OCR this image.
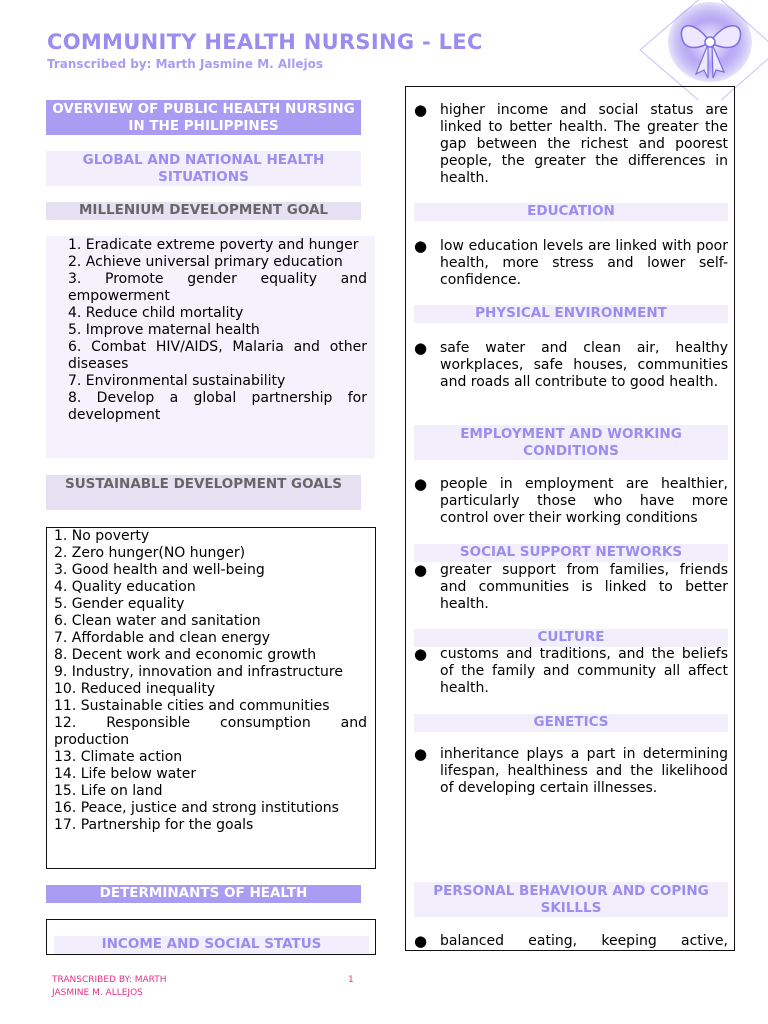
COMMUNITY HEALTH NURSING - LEC
Transcribed by: Marth Jasmine M. Allejos
OVERVIEW OF PUBLIC HEALTH NURSING IN THE PHILIPPINES
GLOBAL AND NATIONAL HEALTH SITUATIONS
MILLENIUM DEVELOPMENT GOAL
1. Eradicate extreme poverty and hunger
2. Achieve universal primary education
3. Promote gender equality and empowerment
4. Reduce child mortality
5. Improve maternal health
6. Combat HIV/AIDS, Malaria and other diseases
7. Environmental sustainability
8. Develop a global partnership for development
SUSTAINABLE DEVELOPMENT GOALS
1. No poverty
2. Zero hunger(NO hunger)
3. Good health and well-being
4. Quality education
5. Gender equality
6. Clean water and sanitation
7. Affordable and clean energy
8. Decent work and economic growth
9. Industry, innovation and infrastructure
10. Reduced inequality
11. Sustainable cities and communities
12. Responsible consumption and production
13. Climate action
14. Life below water
15. Life on land
16. Peace, justice and strong institutions
17. Partnership for the goals
DETERMINANTS OF HEALTH
INCOME AND SOCIAL STATUS
● higher income and social status are linked to better health. The greater the gap between the richest and poorest people, the greater the differences in health.
EDUCATION
● low education levels are linked with poor health, more stress and lower self-confidence.
PHYSICAL ENVIRONMENT
● safe water and clean air, healthy workplaces, safe houses, communities and roads all contribute to good health.
EMPLOYMENT AND WORKING CONDITIONS
● people in employment are healthier, particularly those who have more control over their working conditions
SOCIAL SUPPORT NETWORKS
● greater support from families, friends and communities is linked to better health.
CULTURE
● customs and traditions, and the beliefs of the family and community all affect health.
GENETICS
● inheritance plays a part in determining lifespan, healthiness and the likelihood of developing certain illnesses.
PERSONAL BEHAVIOUR AND COPING SKILLLS
● balanced eating, keeping active,
TRANSCRIBED BY: MARTH JASMINE M. ALLEJOS
1
